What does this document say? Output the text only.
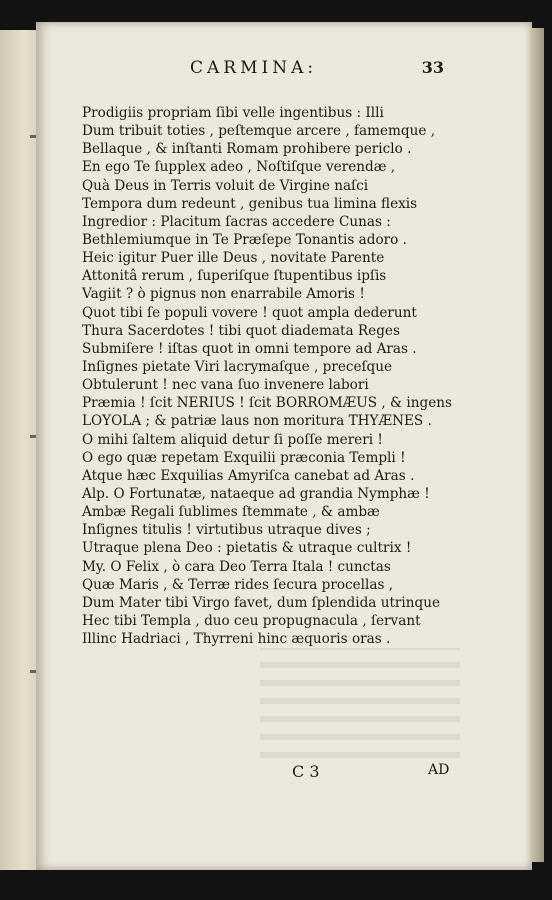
CARMINA:	33
Prodigiis propriam ſibi velle ingentibus : Illi
Dum tribuit toties , peſtemque arcere , famemque ,
Bellaque , & inſtanti Romam prohibere periclo .
En ego Te ſupplex adeo , Noſtiſque verendæ ,
Quà Deus in Terris voluit de Virgine naſci
Tempora dum redeunt , genibus tua limina flexis
Ingredior : Placitum ſacras accedere Cunas :
Bethlemiumque in Te Præſepe Tonantis adoro .
Heic igitur Puer ille Deus , novitate Parente
Attonitâ rerum , ſuperiſque ſtupentibus ipſis
Vagiit ? ò pignus non enarrabile Amoris !
Quot tibi ſe populi vovere ! quot ampla dederunt
Thura Sacerdotes ! tibi quot diademata Reges
Submiſere ! iſtas quot in omni tempore ad Aras .
Inſignes pietate Viri lacrymaſque , preceſque
Obtulerunt ! nec vana ſuo invenere labori
Præmia ! ſcit NERIUS ! ſcit BORROMÆUS , & ingens
LOYOLA ; & patriæ laus non moritura THYÆNES .
O mihi ſaltem aliquid detur ſi poſſe mereri !
O ego quæ repetam Exquilii præconia Templi !
Atque hæc Exquilias Amyriſca canebat ad Aras .
Alp. O Fortunatæ, nataeque ad grandia Nymphæ !
Ambæ Regali ſublimes ſtemmate , & ambæ
Inſignes titulis ! virtutibus utraque dives ;
Utraque plena Deo : pietatis & utraque cultrix !
My. O Felix , ò cara Deo Terra Itala ! cunctas
Quæ Maris , & Terræ rides ſecura procellas ,
Dum Mater tibi Virgo favet, dum ſplendida utrinque
Hec tibi Templa , duo ceu propugnacula , ſervant
Illinc Hadriaci , Thyrreni hinc æquoris oras .
C 3	AD
